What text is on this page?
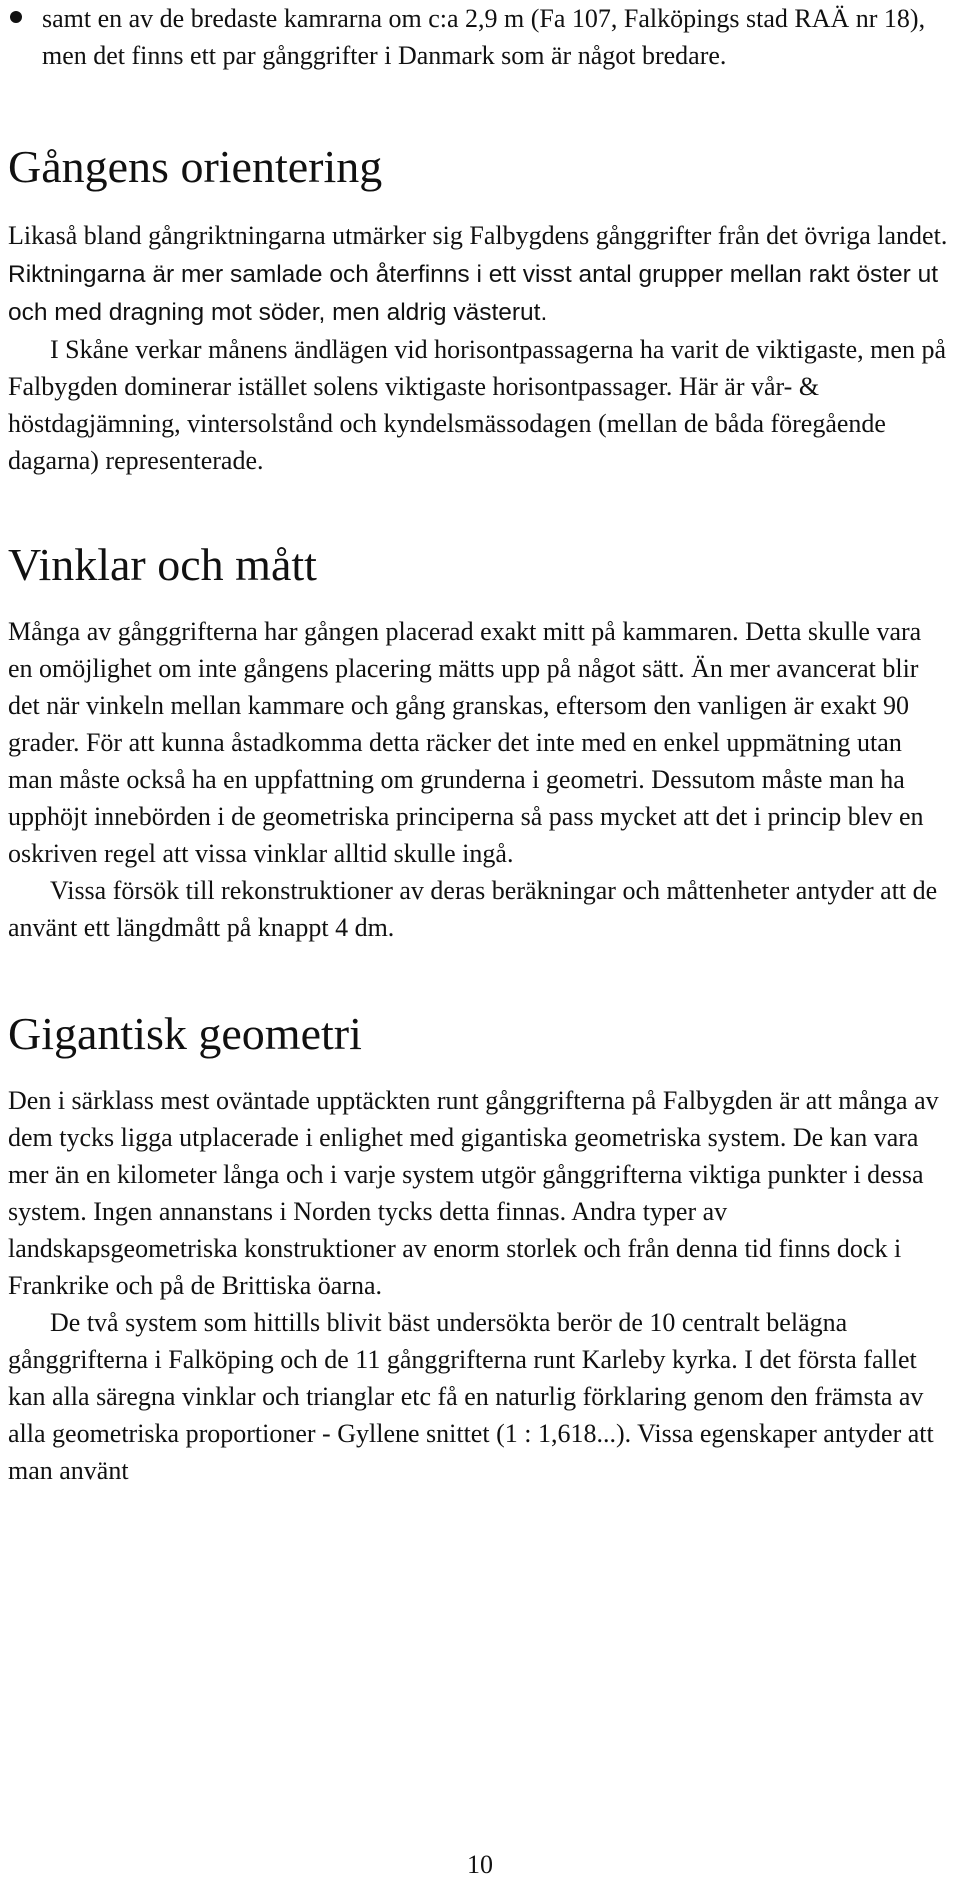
samt en av de bredaste kamrarna om c:a 2,9 m (Fa 107, Falköpings stad RAÄ nr 18), men det finns ett par gånggrifter i Danmark som är något bredare.
Gångens orientering

Likaså bland gångriktningarna utmärker sig Falbygdens gånggrifter från det övriga landet. Riktningarna är mer samlade och återfinns i ett visst antal grupper mellan rakt öster ut och med dragning mot söder, men aldrig västerut.

I Skåne verkar månens ändlägen vid horisontpassagerna ha varit de viktigaste, men på Falbygden dominerar istället solens viktigaste horisontpassager. Här är vår- & höstdagjämning, vintersolstånd och kyndelsmässodagen (mellan de båda föregående dagarna) representerade.

Vinklar och mått

Många av gånggrifterna har gången placerad exakt mitt på kammaren. Detta skulle vara en omöjlighet om inte gångens placering mätts upp på något sätt. Än mer avancerat blir det när vinkeln mellan kammare och gång granskas, eftersom den vanligen är exakt 90 grader. För att kunna åstadkomma detta räcker det inte med en enkel uppmätning utan man måste också ha en uppfattning om grunderna i geometri. Dessutom måste man ha upphöjt innebörden i de geometriska principerna så pass mycket att det i princip blev en oskriven regel att vissa vinklar alltid skulle ingå.

Vissa försök till rekonstruktioner av deras beräkningar och måttenheter antyder att de använt ett längdmått på knappt 4 dm.

Gigantisk geometri

Den i särklass mest oväntade upptäckten runt gånggrifterna på Falbygden är att många av dem tycks ligga utplacerade i enlighet med gigantiska geometriska system. De kan vara mer än en kilometer långa och i varje system utgör gånggrifterna viktiga punkter i dessa system. Ingen annanstans i Norden tycks detta finnas. Andra typer av landskapsgeometriska konstruktioner av enorm storlek och från denna tid finns dock i Frankrike och på de Brittiska öarna.

De två system som hittills blivit bäst undersökta berör de 10 centralt belägna gånggrifterna i Falköping och de 11 gånggrifterna runt Karleby kyrka. I det första fallet kan alla säregna vinklar och trianglar etc få en naturlig förklaring genom den främsta av alla geometriska proportioner - Gyllene snittet (1 : 1,618...). Vissa egenskaper antyder att man använt

10
